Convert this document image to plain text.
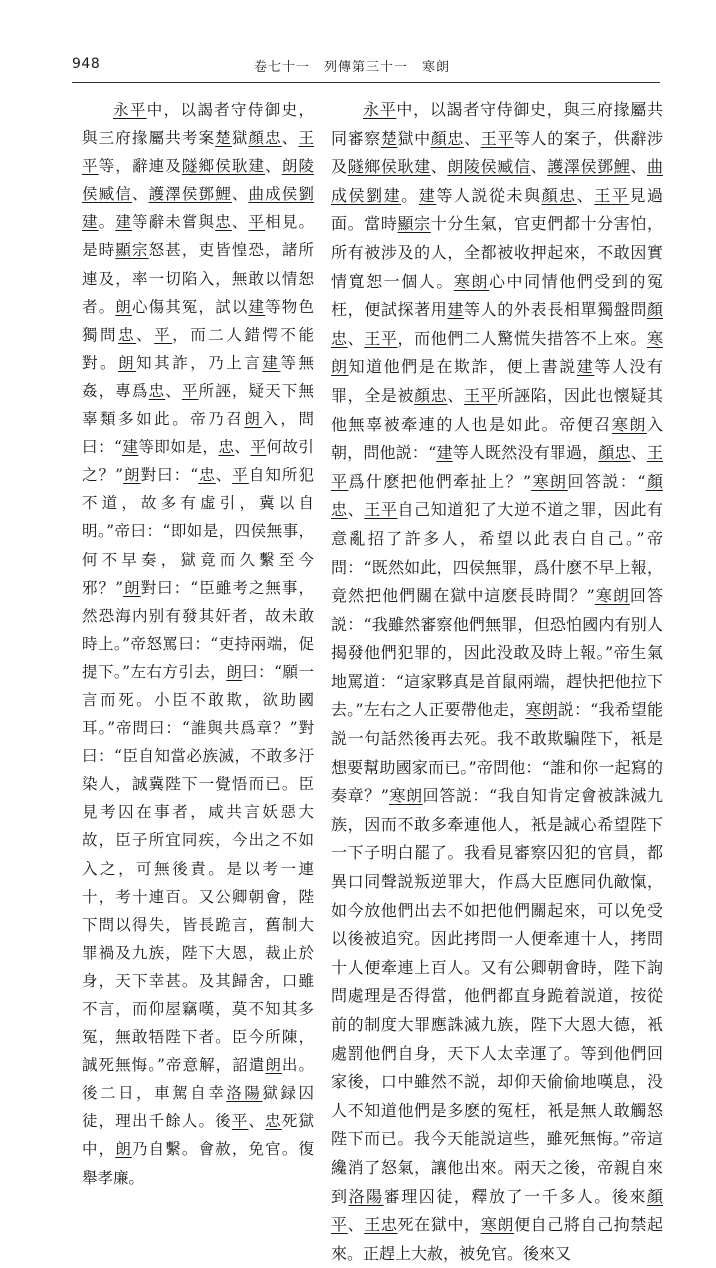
948	卷七十一　列傳第三十一　寒朗

永平中，以謁者守侍御史，與三府掾屬共考案楚獄顏忠、王平等，辭連及隧鄉侯耿建、朗陵侯臧信、護澤侯鄧鯉、曲成侯劉建。建等辭未嘗與忠、平相見。是時顯宗怒甚，吏皆惶恐，諸所連及，率一切陷入，無敢以情恕者。朗心傷其冤，試以建等物色獨問忠、平，而二人錯愕不能對。朗知其詐，乃上言建等無姦，專爲忠、平所誣，疑天下無辜類多如此。帝乃召朗入，問曰：“建等即如是，忠、平何故引之？”朗對曰：“忠、平自知所犯不道，故多有虛引，冀以自明。”帝曰：“即如是，四侯無事，何不早奏，獄竟而久繫至今邪？”朗對曰：“臣雖考之無事，然恐海内别有發其奸者，故未敢時上。”帝怒罵曰：“吏持兩端，促提下。”左右方引去，朗曰：“願一言而死。小臣不敢欺，欲助國耳。”帝問曰：“誰與共爲章？”對曰：“臣自知當必族滅，不敢多汙染人，誠冀陛下一覺悟而已。臣見考囚在事者，咸共言妖惡大故，臣子所宜同疾，今出之不如入之，可無後責。是以考一連十，考十連百。又公卿朝會，陛下問以得失，皆長跪言，舊制大罪禍及九族，陛下大恩，裁止於身，天下幸甚。及其歸舍，口雖不言，而仰屋竊嘆，莫不知其多冤，無敢牾陛下者。臣今所陳，誠死無悔。”帝意解，詔遣朗出。後二日，車駕自幸洛陽獄録囚徒，理出千餘人。後平、忠死獄中，朗乃自繫。會赦，免官。復舉孝廉。

永平中，以謁者守侍御史，與三府掾屬共同審察楚獄中顏忠、王平等人的案子，供辭涉及隧鄉侯耿建、朗陵侯臧信、護澤侯鄧鯉、曲成侯劉建。建等人説從未與顏忠、王平見過面。當時顯宗十分生氣，官吏們都十分害怕，所有被涉及的人，全都被收押起來，不敢因實情寬恕一個人。寒朗心中同情他們受到的冤枉，便試探著用建等人的外表長相單獨盤問顏忠、王平，而他們二人驚慌失措答不上來。寒朗知道他們是在欺詐，便上書説建等人没有罪，全是被顏忠、王平所誣陷，因此也懷疑其他無辜被牽連的人也是如此。帝便召寒朗入朝，問他説：“建等人既然没有罪過，顏忠、王平爲什麽把他們牽扯上？”寒朗回答説：“顏忠、王平自己知道犯了大逆不道之罪，因此有意亂招了許多人，希望以此表白自己。”帝問：“既然如此，四侯無罪，爲什麽不早上報，竟然把他們關在獄中這麽長時間？”寒朗回答説：“我雖然審察他們無罪，但恐怕國内有别人揭發他們犯罪的，因此没敢及時上報。”帝生氣地罵道：“這家夥真是首鼠兩端，趕快把他拉下去。”左右之人正要帶他走，寒朗説：“我希望能説一句話然後再去死。我不敢欺騙陛下，衹是想要幫助國家而已。”帝問他：“誰和你一起寫的奏章？”寒朗回答説：“我自知肯定會被誅滅九族，因而不敢多牽連他人，衹是誠心希望陛下一下子明白罷了。我看見審察囚犯的官員，都異口同聲説叛逆罪大，作爲大臣應同仇敵愾，如今放他們出去不如把他們關起來，可以免受以後被追究。因此拷問一人便牽連十人，拷問十人便牽連上百人。又有公卿朝會時，陛下詢問處理是否得當，他們都直身跪着説道，按從前的制度大罪應誅滅九族，陛下大恩大德，衹處罰他們自身，天下人太幸運了。等到他們回家後，口中雖然不説，却仰天偷偷地嘆息，没人不知道他們是多麽的冤枉，衹是無人敢觸怒陛下而已。我今天能説這些，雖死無悔。”帝這纔消了怒氣，讓他出來。兩天之後，帝親自來到洛陽審理囚徒，釋放了一千多人。後來顏平、王忠死在獄中，寒朗便自己將自己拘禁起來。正趕上大赦，被免官。後來又
